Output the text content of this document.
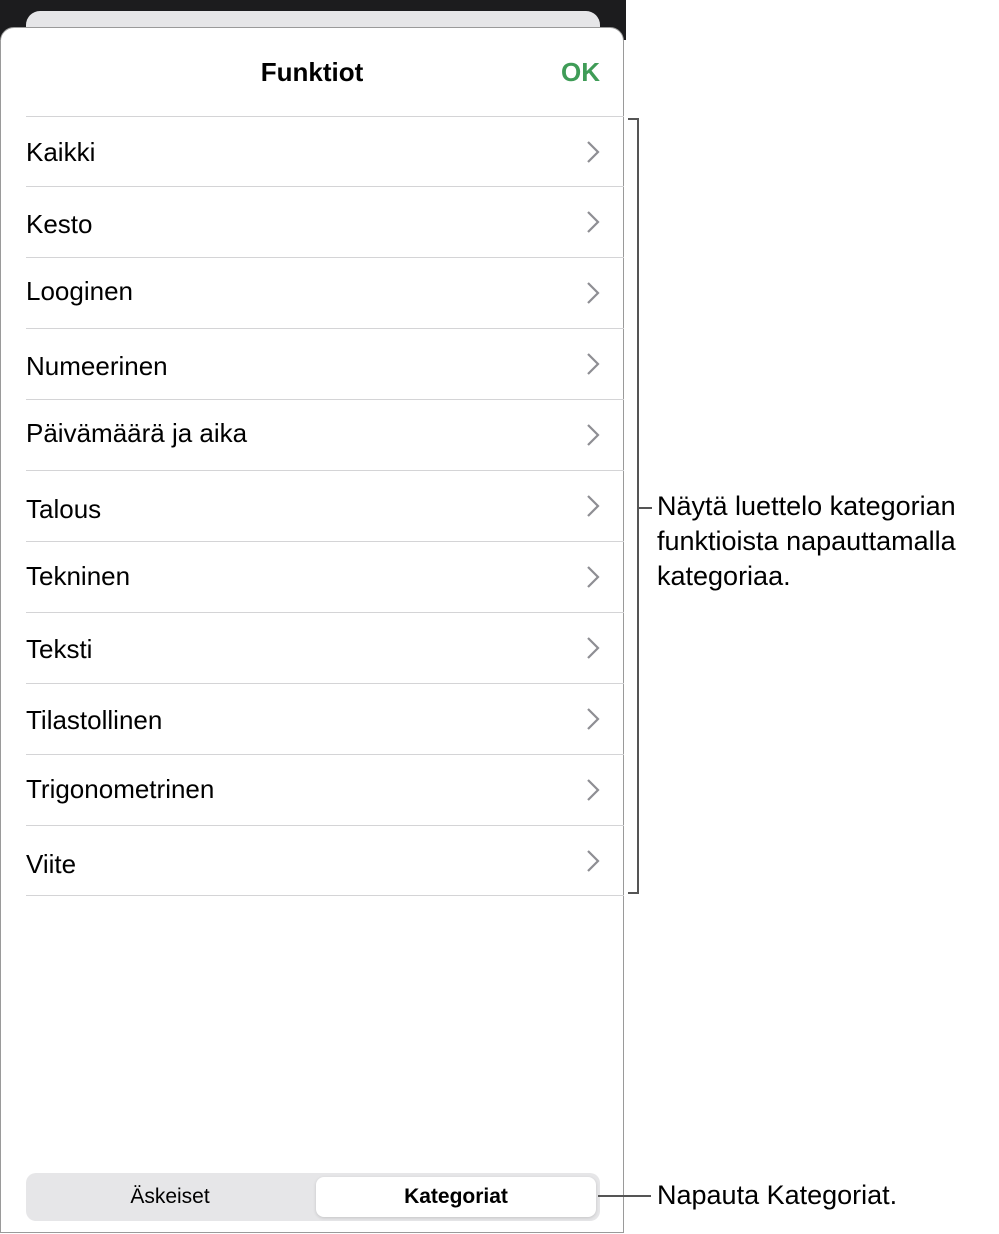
Funktiot	OK
Kaikki
Kesto
Looginen
Numeerinen
Päivämäärä ja aika
Talous
Tekninen
Teksti
Tilastollinen
Trigonometrinen
Viite
Äskeiset	Kategoriat
Näytä luettelo kategorian
funktioista napauttamalla
kategoriaa.
Napauta Kategoriat.
